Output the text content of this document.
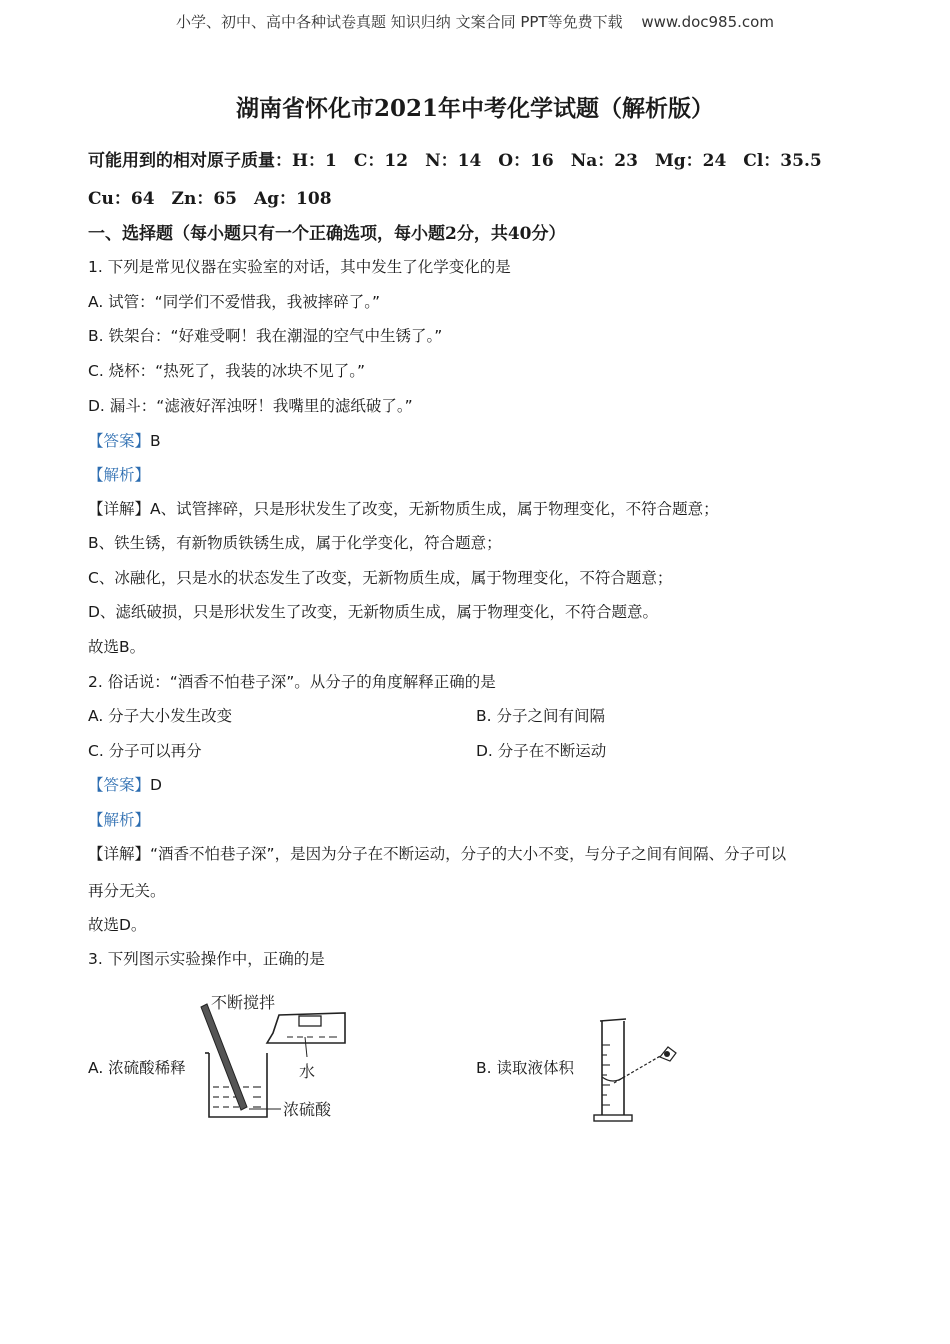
小学、初中、高中各种试卷真题 知识归纳 文案合同 PPT等免费下载 www.doc985.com
湖南省怀化市2021年中考化学试题（解析版）
可能用到的相对原子质量：H：1　C：12　N：14　O：16　Na：23　Mg：24　Cl：35.5
Cu：64　Zn：65　Ag：108
一、选择题（每小题只有一个正确选项，每小题2分，共40分）
1. 下列是常见仪器在实验室的对话，其中发生了化学变化的是
A. 试管：“同学们不爱惜我，我被摔碎了。”
B. 铁架台：“好难受啊！我在潮湿的空气中生锈了。”
C. 烧杯：“热死了，我装的冰块不见了。”
D. 漏斗：“滤液好浑浊呀！我嘴里的滤纸破了。”
【答案】B
【解析】
【详解】A、试管摔碎，只是形状发生了改变，无新物质生成，属于物理变化，不符合题意；
B、铁生锈，有新物质铁锈生成，属于化学变化，符合题意；
C、冰融化，只是水的状态发生了改变，无新物质生成，属于物理变化，不符合题意；
D、滤纸破损，只是形状发生了改变，无新物质生成，属于物理变化，不符合题意。
故选B。
2. 俗话说：“酒香不怕巷子深”。从分子的角度解释正确的是
A. 分子大小发生改变	B. 分子之间有间隔
C. 分子可以再分	D. 分子在不断运动
【答案】D
【解析】
【详解】“酒香不怕巷子深”，是因为分子在不断运动，分子的大小不变，与分子之间有间隔、分子可以
再分无关。
故选D。
3. 下列图示实验操作中，正确的是
A. 浓硫酸稀释	B. 读取液体积
不断搅拌
水
浓硫酸
